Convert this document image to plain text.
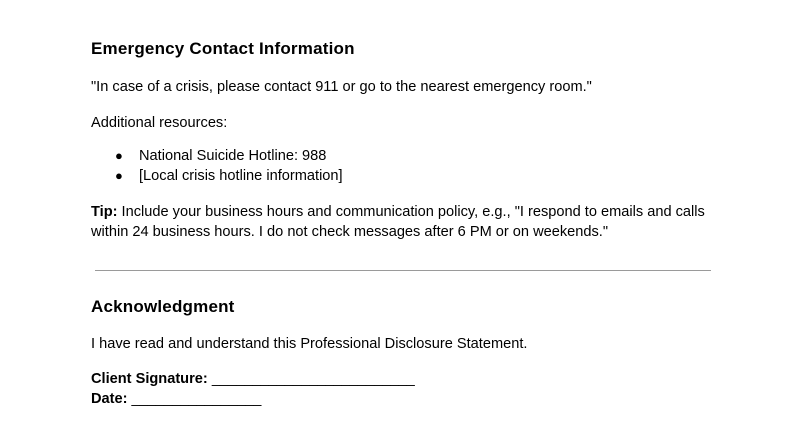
Emergency Contact Information

"In case of a crisis, please contact 911 or go to the nearest emergency room."

Additional resources:

● National Suicide Hotline: 988
● [Local crisis hotline information]

Tip: Include your business hours and communication policy, e.g., "I respond to emails and calls within 24 business hours. I do not check messages after 6 PM or on weekends."

Acknowledgment

I have read and understand this Professional Disclosure Statement.

Client Signature: _________________________
Date: ________________
